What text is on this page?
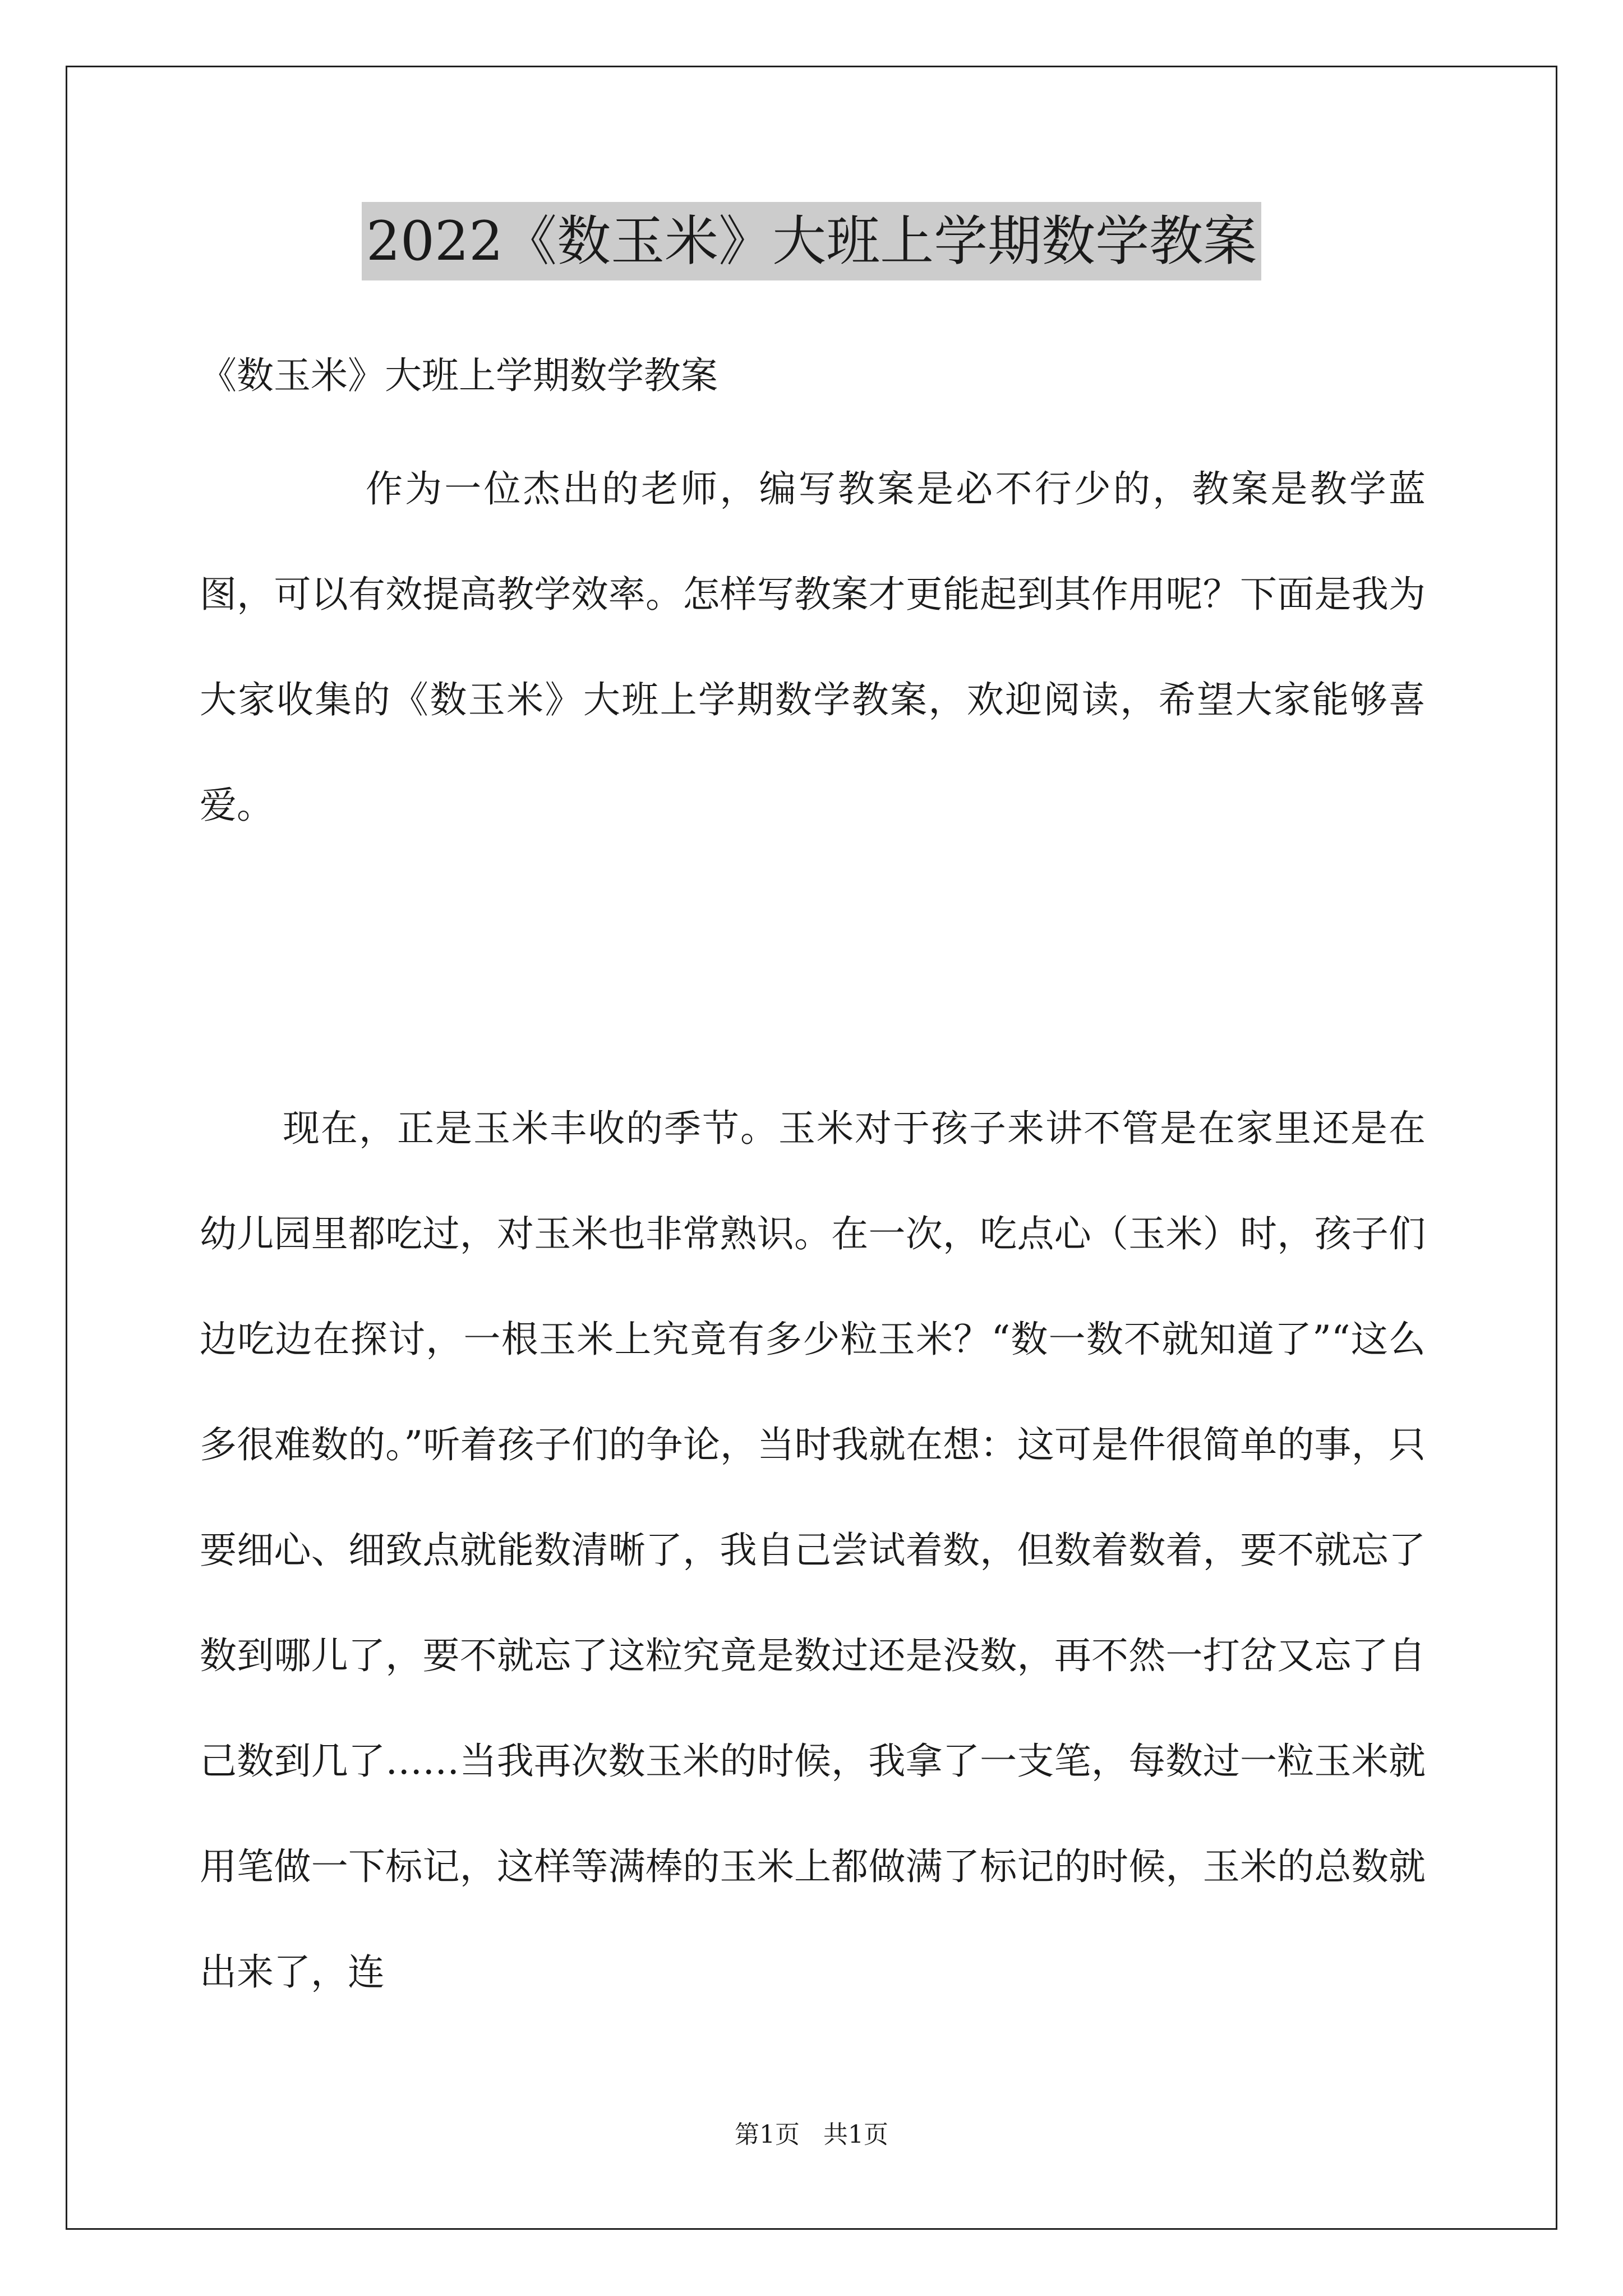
2022《数玉米》大班上学期数学教案

《数玉米》大班上学期数学教案

作为一位杰出的老师，编写教案是必不行少的，教案是教学蓝图，可以有效提高教学效率。怎样写教案才更能起到其作用呢？下面是我为大家收集的《数玉米》大班上学期数学教案，欢迎阅读，希望大家能够喜爱。

现在，正是玉米丰收的季节。玉米对于孩子来讲不管是在家里还是在幼儿园里都吃过，对玉米也非常熟识。在一次，吃点心（玉米）时，孩子们边吃边在探讨，一根玉米上究竟有多少粒玉米？“数一数不就知道了”“这么多很难数的。”听着孩子们的争论，当时我就在想：这可是件很简单的事，只要细心、细致点就能数清晰了，我自己尝试着数，但数着数着，要不就忘了数到哪儿了，要不就忘了这粒究竟是数过还是没数，再不然一打岔又忘了自己数到几了……当我再次数玉米的时候，我拿了一支笔，每数过一粒玉米就用笔做一下标记，这样等满棒的玉米上都做满了标记的时候，玉米的总数就出来了，连

第1页   共1页
